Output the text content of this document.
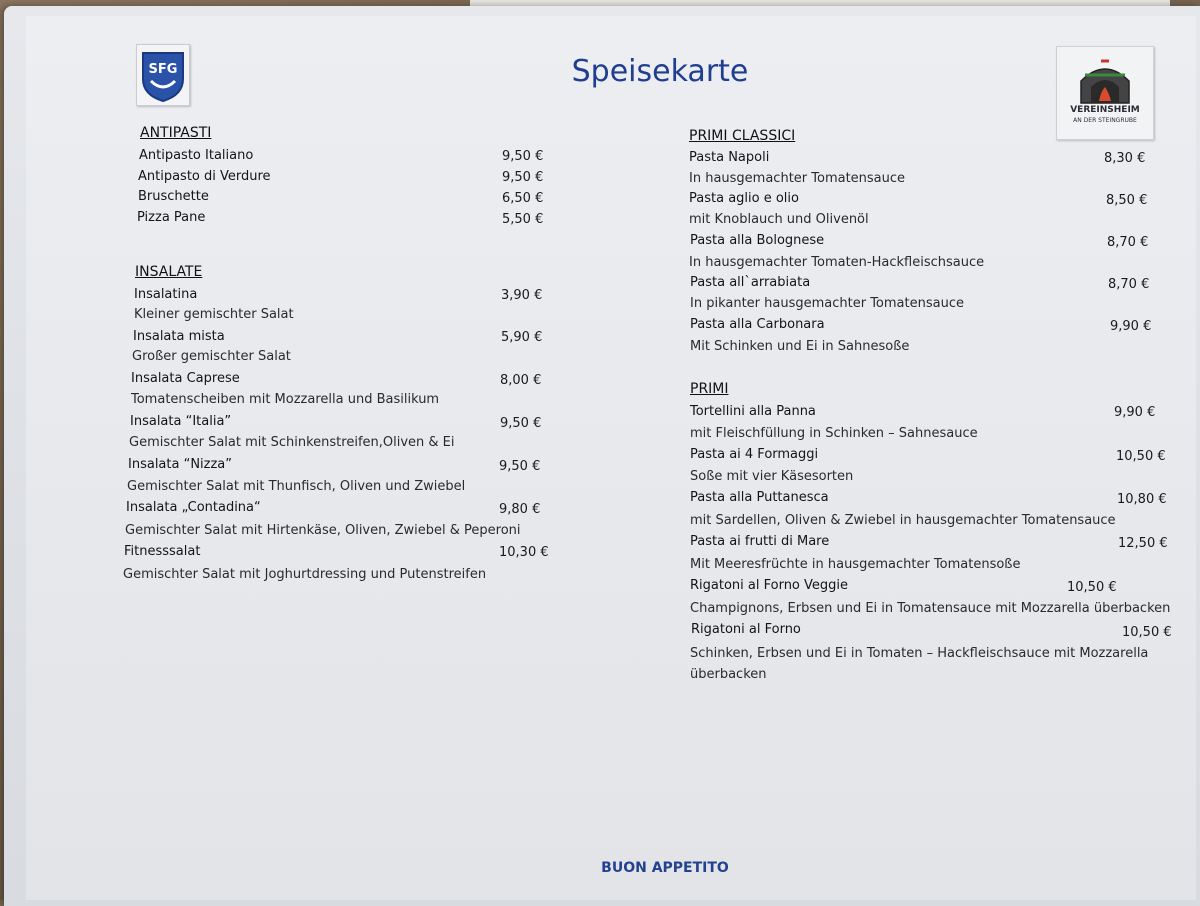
SFG
VEREINSHEIM
AN DER STEINGRUBE
Speisekarte
ANTIPASTI
Antipasto Italiano	9,50 €
Antipasto di Verdure	9,50 €
Bruschette	6,50 €
Pizza Pane	5,50 €
INSALATE
Insalatina	3,90 €
Kleiner gemischter Salat
Insalata mista	5,90 €
Großer gemischter Salat
Insalata Caprese	8,00 €
Tomatenscheiben mit Mozzarella und Basilikum
Insalata “Italia”	9,50 €
Gemischter Salat mit Schinkenstreifen,Oliven & Ei
Insalata “Nizza”	9,50 €
Gemischter Salat mit Thunfisch, Oliven und Zwiebel
Insalata „Contadina“	9,80 €
Gemischter Salat mit Hirtenkäse, Oliven, Zwiebel & Peperoni
Fitnesssalat	10,30 €
Gemischter Salat mit Joghurtdressing und Putenstreifen
PRIMI CLASSICI
Pasta Napoli	8,30 €
In hausgemachter Tomatensauce
Pasta aglio e olio	8,50 €
mit Knoblauch und Olivenöl
Pasta alla Bolognese	8,70 €
In hausgemachter Tomaten-Hackfleischsauce
Pasta all`arrabiata	8,70 €
In pikanter hausgemachter Tomatensauce
Pasta alla Carbonara	9,90 €
Mit Schinken und Ei in Sahnesoße
PRIMI
Tortellini alla Panna	9,90 €
mit Fleischfüllung in Schinken – Sahnesauce
Pasta ai 4 Formaggi	10,50 €
Soße mit vier Käsesorten
Pasta alla Puttanesca	10,80 €
mit Sardellen, Oliven & Zwiebel in hausgemachter Tomatensauce
Pasta ai frutti di Mare	12,50 €
Mit Meeresfrüchte in hausgemachter Tomatensoße
Rigatoni al Forno Veggie	10,50 €
Champignons, Erbsen und Ei in Tomatensauce mit Mozzarella überbacken
Rigatoni al Forno	10,50 €
Schinken, Erbsen und Ei in Tomaten – Hackfleischsauce mit Mozzarella
überbacken
BUON APPETITO
